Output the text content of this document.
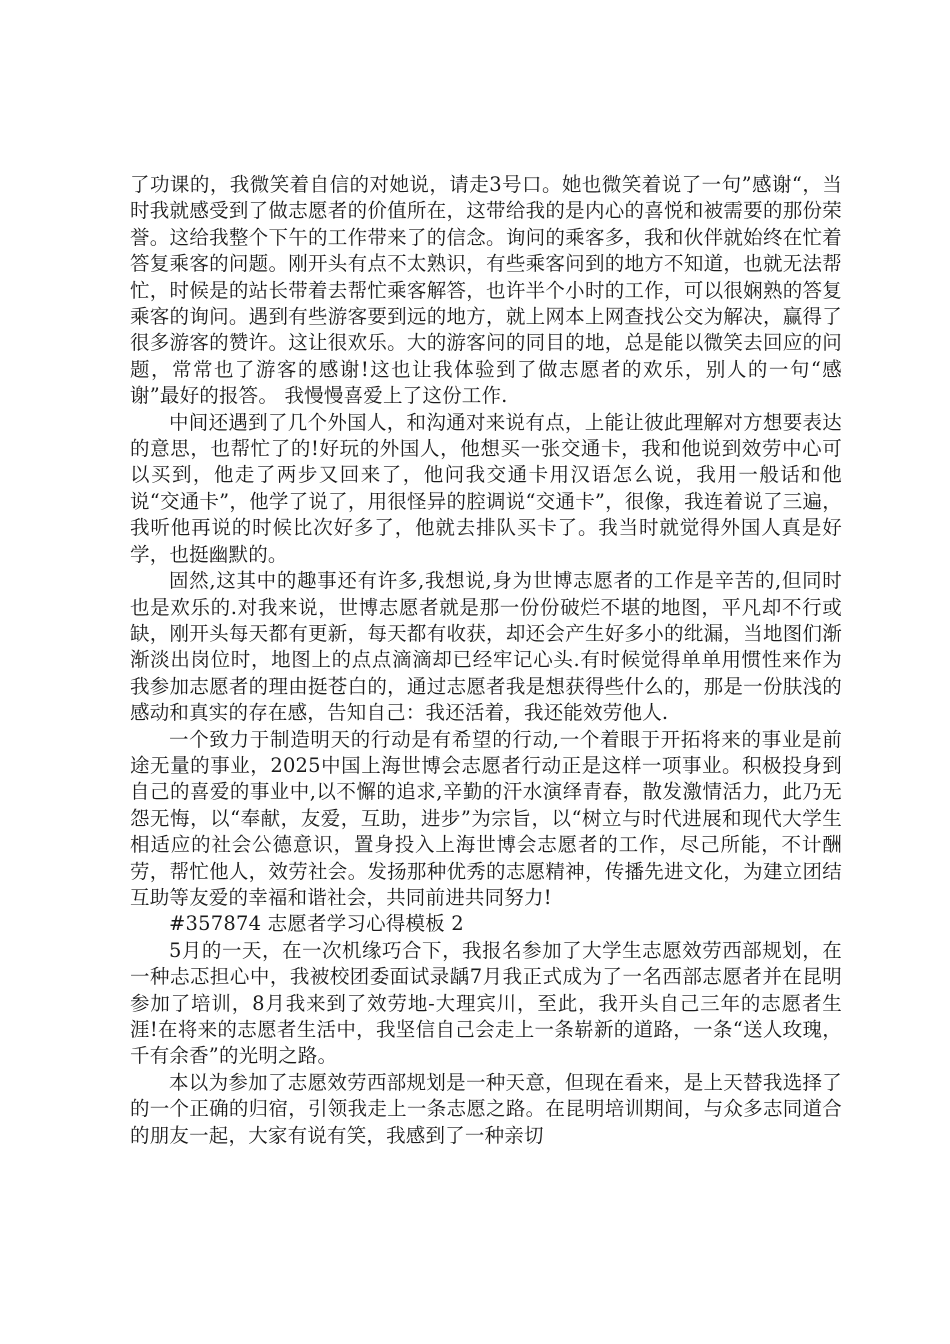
了功课的，我微笑着自信的对她说，请走3号口。她也微笑着说了一句”感谢“，当时我就感受到了做志愿者的价值所在，这带给我的是内心的喜悦和被需要的那份荣誉。这给我整个下午的工作带来了的信念。询问的乘客多，我和伙伴就始终在忙着答复乘客的问题。刚开头有点不太熟识，有些乘客问到的地方不知道，也就无法帮忙，时候是的站长带着去帮忙乘客解答，也许半个小时的工作，可以很娴熟的答复乘客的询问。遇到有些游客要到远的地方，就上网本上网查找公交为解决，赢得了很多游客的赞许。这让很欢乐。大的游客问的同目的地，总是能以微笑去回应的问题，常常也了游客的感谢!这也让我体验到了做志愿者的欢乐，别人的一句“感谢”最好的报答。 我慢慢喜爱上了这份工作.

中间还遇到了几个外国人，和沟通对来说有点，上能让彼此理解对方想要表达的意思，也帮忙了的!好玩的外国人，他想买一张交通卡，我和他说到效劳中心可以买到，他走了两步又回来了，他问我交通卡用汉语怎么说，我用一般话和他说“交通卡”，他学了说了，用很怪异的腔调说“交通卡”，很像，我连着说了三遍，我听他再说的时候比次好多了，他就去排队买卡了。我当时就觉得外国人真是好学，也挺幽默的。

固然,这其中的趣事还有许多,我想说,身为世博志愿者的工作是辛苦的,但同时也是欢乐的.对我来说，世博志愿者就是那一份份破烂不堪的地图，平凡却不行或缺，刚开头每天都有更新，每天都有收获，却还会产生好多小的纰漏，当地图们渐渐淡出岗位时，地图上的点点滴滴却已经牢记心头.有时候觉得单单用惯性来作为我参加志愿者的理由挺苍白的，通过志愿者我是想获得些什么的，那是一份肤浅的感动和真实的存在感，告知自己：我还活着，我还能效劳他人.

一个致力于制造明天的行动是有希望的行动,一个着眼于开拓将来的事业是前途无量的事业，2025中国上海世博会志愿者行动正是这样一项事业。积极投身到自己的喜爱的事业中,以不懈的追求,辛勤的汗水演绎青春，散发激情活力，此乃无怨无悔，以“奉献，友爱，互助，进步”为宗旨，以“树立与时代进展和现代大学生相适应的社会公德意识，置身投入上海世博会志愿者的工作，尽己所能，不计酬劳，帮忙他人，效劳社会。发扬那种优秀的志愿精神，传播先进文化，为建立团结互助等友爱的幸福和谐社会，共同前进共同努力!

#357874 志愿者学习心得模板 2

5月的一天，在一次机缘巧合下，我报名参加了大学生志愿效劳西部规划，在一种忐忑担心中，我被校团委面试录龋7月我正式成为了一名西部志愿者并在昆明参加了培训，8月我来到了效劳地-大理宾川，至此，我开头自己三年的志愿者生涯!在将来的志愿者生活中，我坚信自己会走上一条崭新的道路，一条“送人玫瑰，千有余香”的光明之路。

本以为参加了志愿效劳西部规划是一种天意，但现在看来，是上天替我选择了的一个正确的归宿，引领我走上一条志愿之路。在昆明培训期间，与众多志同道合的朋友一起，大家有说有笑，我感到了一种亲切
